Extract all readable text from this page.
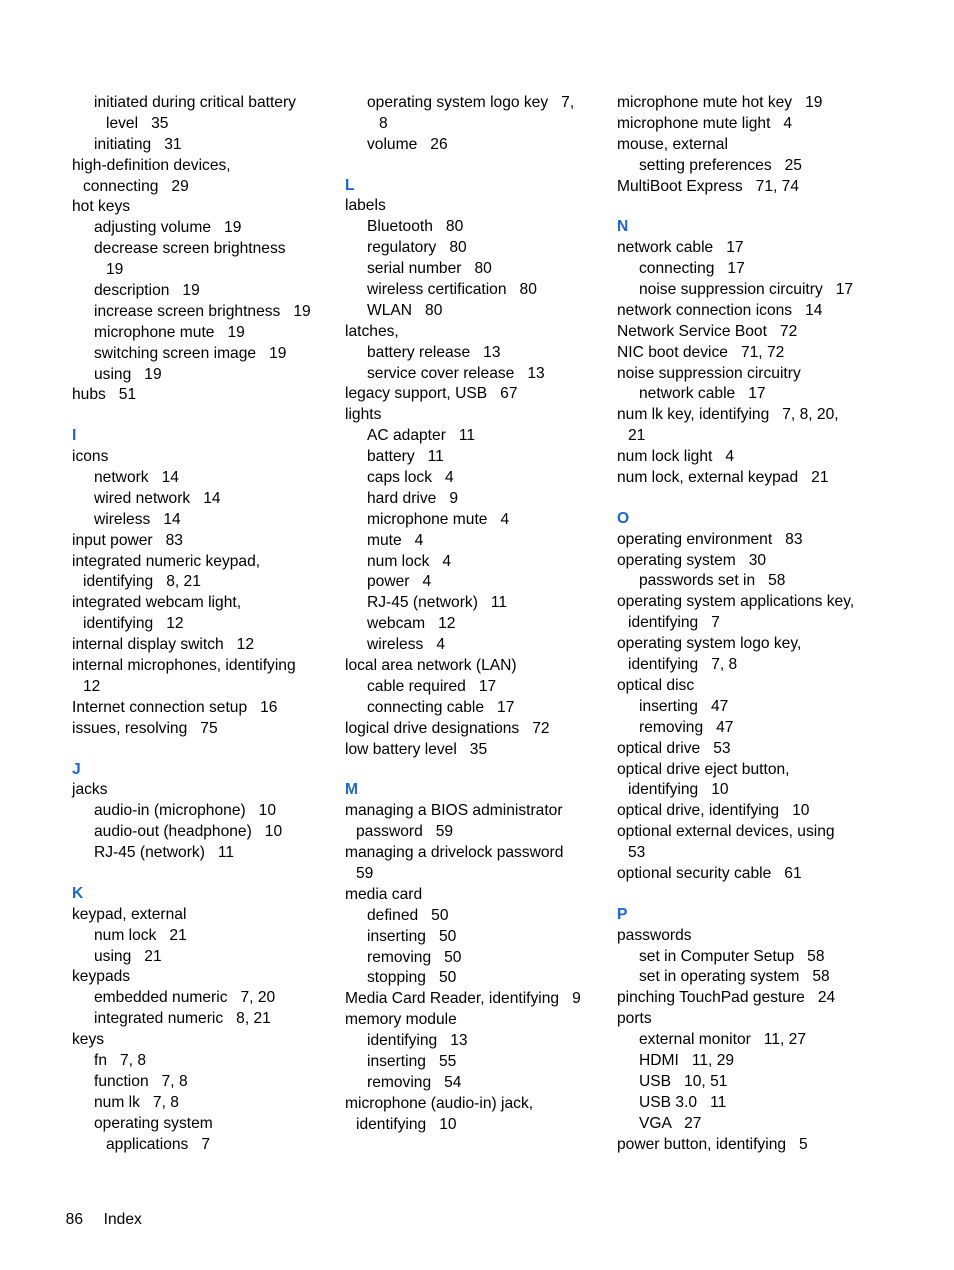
initiated during critical battery
level   35
initiating   31
high-definition devices,
connecting   29
hot keys
adjusting volume   19
decrease screen brightness
19
description   19
increase screen brightness   19
microphone mute   19
switching screen image   19
using   19
hubs   51
I
icons
network   14
wired network   14
wireless   14
input power   83
integrated numeric keypad,
identifying   8, 21
integrated webcam light,
identifying   12
internal display switch   12
internal microphones, identifying
12
Internet connection setup   16
issues, resolving   75
J
jacks
audio-in (microphone)   10
audio-out (headphone)   10
RJ-45 (network)   11
K
keypad, external
num lock   21
using   21
keypads
embedded numeric   7, 20
integrated numeric   8, 21
keys
fn   7, 8
function   7, 8
num lk   7, 8
operating system
applications   7
operating system logo key   7,
8
volume   26
L
labels
Bluetooth   80
regulatory   80
serial number   80
wireless certification   80
WLAN   80
latches,
battery release   13
service cover release   13
legacy support, USB   67
lights
AC adapter   11
battery   11
caps lock   4
hard drive   9
microphone mute   4
mute   4
num lock   4
power   4
RJ-45 (network)   11
webcam   12
wireless   4
local area network (LAN)
cable required   17
connecting cable   17
logical drive designations   72
low battery level   35
M
managing a BIOS administrator
password   59
managing a drivelock password
59
media card
defined   50
inserting   50
removing   50
stopping   50
Media Card Reader, identifying   9
memory module
identifying   13
inserting   55
removing   54
microphone (audio-in) jack,
identifying   10
microphone mute hot key   19
microphone mute light   4
mouse, external
setting preferences   25
MultiBoot Express   71, 74
N
network cable   17
connecting   17
noise suppression circuitry   17
network connection icons   14
Network Service Boot   72
NIC boot device   71, 72
noise suppression circuitry
network cable   17
num lk key, identifying   7, 8, 20,
21
num lock light   4
num lock, external keypad   21
O
operating environment   83
operating system   30
passwords set in   58
operating system applications key,
identifying   7
operating system logo key,
identifying   7, 8
optical disc
inserting   47
removing   47
optical drive   53
optical drive eject button,
identifying   10
optical drive, identifying   10
optional external devices, using
53
optional security cable   61
P
passwords
set in Computer Setup   58
set in operating system   58
pinching TouchPad gesture   24
ports
external monitor   11, 27
HDMI   11, 29
USB   10, 51
USB 3.0   11
VGA   27
power button, identifying   5

86 Index
